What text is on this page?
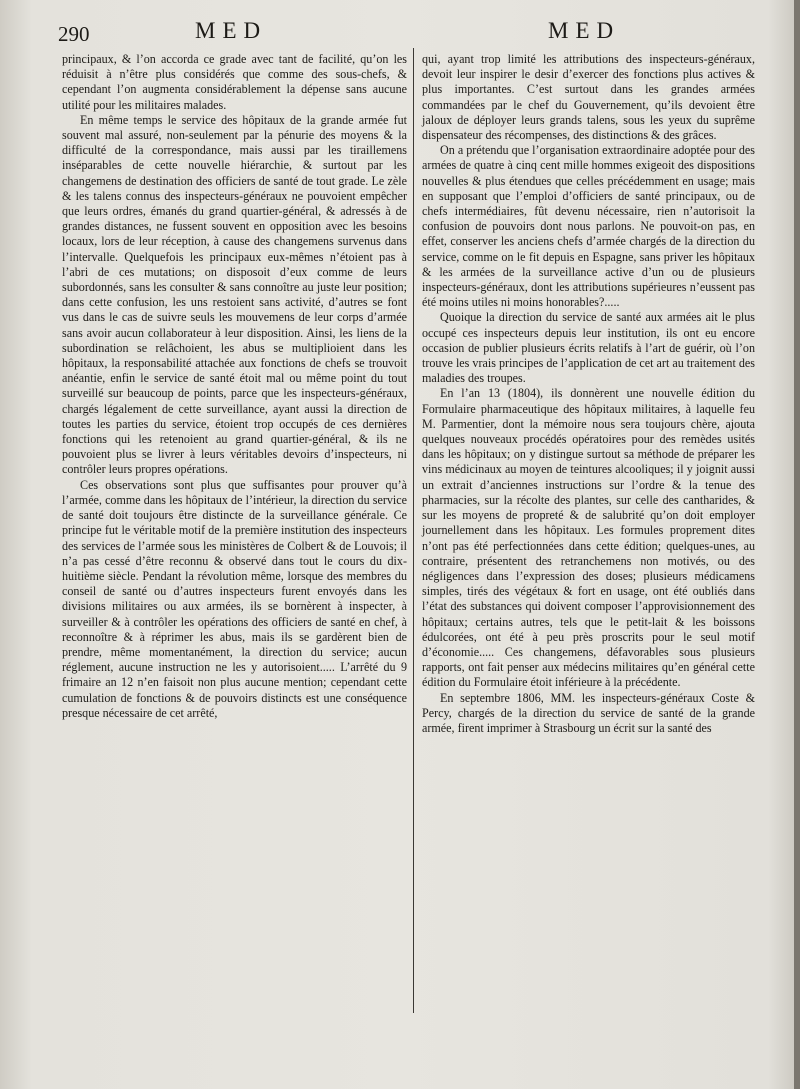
290	MED	MED

principaux, & l’on accorda ce grade avec tant de facilité, qu’on les réduisit à n’être plus considérés que comme des sous-chefs, & cependant l’on augmenta considérablement la dépense sans aucune utilité pour les militaires malades.

En même temps le service des hôpitaux de la grande armée fut souvent mal assuré, non-seulement par la pénurie des moyens & la difficulté de la correspondance, mais aussi par les tiraillemens inséparables de cette nouvelle hiérarchie, & surtout par les changemens de destination des officiers de santé de tout grade. Le zèle & les talens connus des inspecteurs-généraux ne pouvoient empêcher que leurs ordres, émanés du grand quartier-général, & adressés à de grandes distances, ne fussent souvent en opposition avec les besoins locaux, lors de leur réception, à cause des changemens survenus dans l’intervalle. Quelquefois les principaux eux-mêmes n’étoient pas à l’abri de ces mutations; on disposoit d’eux comme de leurs subordonnés, sans les consulter & sans connoître au juste leur position; dans cette confusion, les uns restoient sans activité, d’autres se font vus dans le cas de suivre seuls les mouvemens de leur corps d’armée sans avoir aucun collaborateur à leur disposition. Ainsi, les liens de la subordination se relâchoient, les abus se multiplioient dans les hôpitaux, la responsabilité attachée aux fonctions de chefs se trouvoit anéantie, enfin le service de santé étoit mal ou même point du tout surveillé sur beaucoup de points, parce que les inspecteurs-généraux, chargés légalement de cette surveillance, ayant aussi la direction de toutes les parties du service, étoient trop occupés de ces dernières fonctions qui les retenoient au grand quartier-général, & ils ne pouvoient plus se livrer à leurs véritables devoirs d’inspecteurs, ni contrôler leurs propres opérations.

Ces observations sont plus que suffisantes pour prouver qu’à l’armée, comme dans les hôpitaux de l’intérieur, la direction du service de santé doit toujours être distincte de la surveillance générale. Ce principe fut le véritable motif de la première institution des inspecteurs des services de l’armée sous les ministères de Colbert & de Louvois; il n’a pas cessé d’être reconnu & observé dans tout le cours du dix-huitième siècle. Pendant la révolution même, lorsque des membres du conseil de santé ou d’autres inspecteurs furent envoyés dans les divisions militaires ou aux armées, ils se bornèrent à inspecter, à surveiller & à contrôler les opérations des officiers de santé en chef, à reconnoître & à réprimer les abus, mais ils se gardèrent bien de prendre, même momentanément, la direction du service; aucun réglement, aucune instruction ne les y autorisoient..... L’arrêté du 9 frimaire an 12 n’en faisoit non plus aucune mention; cependant cette cumulation de fonctions & de pouvoirs distincts est une conséquence presque nécessaire de cet arrêté,

qui, ayant trop limité les attributions des inspecteurs-généraux, devoit leur inspirer le desir d’exercer des fonctions plus actives & plus importantes. C’est surtout dans les grandes armées commandées par le chef du Gouvernement, qu’ils devoient être jaloux de déployer leurs grands talens, sous les yeux du suprême dispensateur des récompenses, des distinctions & des grâces.

On a prétendu que l’organisation extraordinaire adoptée pour des armées de quatre à cinq cent mille hommes exigeoit des dispositions nouvelles & plus étendues que celles précédemment en usage; mais en supposant que l’emploi d’officiers de santé principaux, ou de chefs intermédiaires, fût devenu nécessaire, rien n’autorisoit la confusion de pouvoirs dont nous parlons. Ne pouvoit-on pas, en effet, conserver les anciens chefs d’armée chargés de la direction du service, comme on le fit depuis en Espagne, sans priver les hôpitaux & les armées de la surveillance active d’un ou de plusieurs inspecteurs-généraux, dont les attributions supérieures n’eussent pas été moins utiles ni moins honorables?.....

Quoique la direction du service de santé aux armées ait le plus occupé ces inspecteurs depuis leur institution, ils ont eu encore occasion de publier plusieurs écrits relatifs à l’art de guérir, où l’on trouve les vrais principes de l’application de cet art au traitement des maladies des troupes.

En l’an 13 (1804), ils donnèrent une nouvelle édition du Formulaire pharmaceutique des hôpitaux militaires, à laquelle feu M. Parmentier, dont la mémoire nous sera toujours chère, ajouta quelques nouveaux procédés opératoires pour des remèdes usités dans les hôpitaux; on y distingue surtout sa méthode de préparer les vins médicinaux au moyen de teintures alcooliques; il y joignit aussi un extrait d’anciennes instructions sur l’ordre & la tenue des pharmacies, sur la récolte des plantes, sur celle des cantharides, & sur les moyens de propreté & de salubrité qu’on doit employer journellement dans les hôpitaux. Les formules proprement dites n’ont pas été perfectionnées dans cette édition; quelques-unes, au contraire, présentent des retranchemens non motivés, ou des négligences dans l’expression des doses; plusieurs médicamens simples, tirés des végétaux & fort en usage, ont été oubliés dans l’état des substances qui doivent composer l’approvisionnement des hôpitaux; certains autres, tels que le petit-lait & les boissons édulcorées, ont été à peu près proscrits pour le seul motif d’économie..... Ces changemens, défavorables sous plusieurs rapports, ont fait penser aux médecins militaires qu’en général cette édition du Formulaire étoit inférieure à la précédente.

En septembre 1806, MM. les inspecteurs-généraux Coste & Percy, chargés de la direction du service de santé de la grande armée, firent imprimer à Strasbourg un écrit sur la santé des
